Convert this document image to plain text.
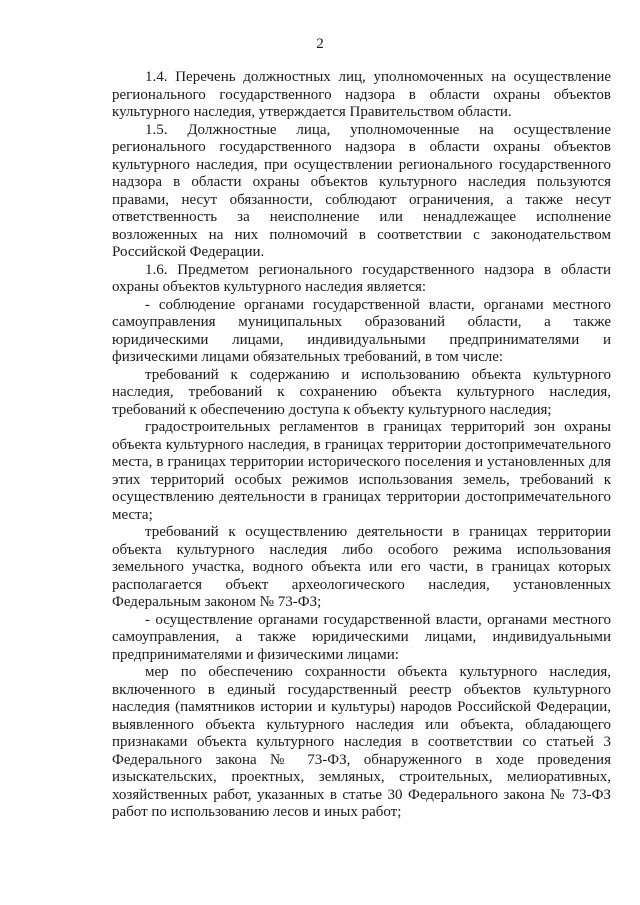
2

1.4. Перечень должностных лиц, уполномоченных на осуществление регионального государственного надзора в области охраны объектов культурного наследия, утверждается Правительством области.

1.5. Должностные лица, уполномоченные на осуществление регионального государственного надзора в области охраны объектов культурного наследия, при осуществлении регионального государственного надзора в области охраны объектов культурного наследия пользуются правами, несут обязанности, соблюдают ограничения, а также несут ответственность за неисполнение или ненадлежащее исполнение возложенных на них полномочий в соответствии с законодательством Российской Федерации.

1.6. Предметом регионального государственного надзора в области охраны объектов культурного наследия является:

- соблюдение органами государственной власти, органами местного самоуправления муниципальных образований области, а также юридическими лицами, индивидуальными предпринимателями и физическими лицами обязательных требований, в том числе:

требований к содержанию и использованию объекта культурного наследия, требований к сохранению объекта культурного наследия, требований к обеспечению доступа к объекту культурного наследия;

градостроительных регламентов в границах территорий зон охраны объекта культурного наследия, в границах территории достопримечательного места, в границах территории исторического поселения и установленных для этих территорий особых режимов использования земель, требований к осуществлению деятельности в границах территории достопримечательного места;

требований к осуществлению деятельности в границах территории объекта культурного наследия либо особого режима использования земельного участка, водного объекта или его части, в границах которых располагается объект археологического наследия, установленных Федеральным законом № 73-ФЗ;

- осуществление органами государственной власти, органами местного самоуправления, а также юридическими лицами, индивидуальными предпринимателями и физическими лицами:

мер по обеспечению сохранности объекта культурного наследия, включенного в единый государственный реестр объектов культурного наследия (памятников истории и культуры) народов Российской Федерации, выявленного объекта культурного наследия или объекта, обладающего признаками объекта культурного наследия в соответствии со статьей 3 Федерального закона № 73-ФЗ, обнаруженного в ходе проведения изыскательских, проектных, земляных, строительных, мелиоративных, хозяйственных работ, указанных в статье 30 Федерального закона № 73-ФЗ работ по использованию лесов и иных работ;
